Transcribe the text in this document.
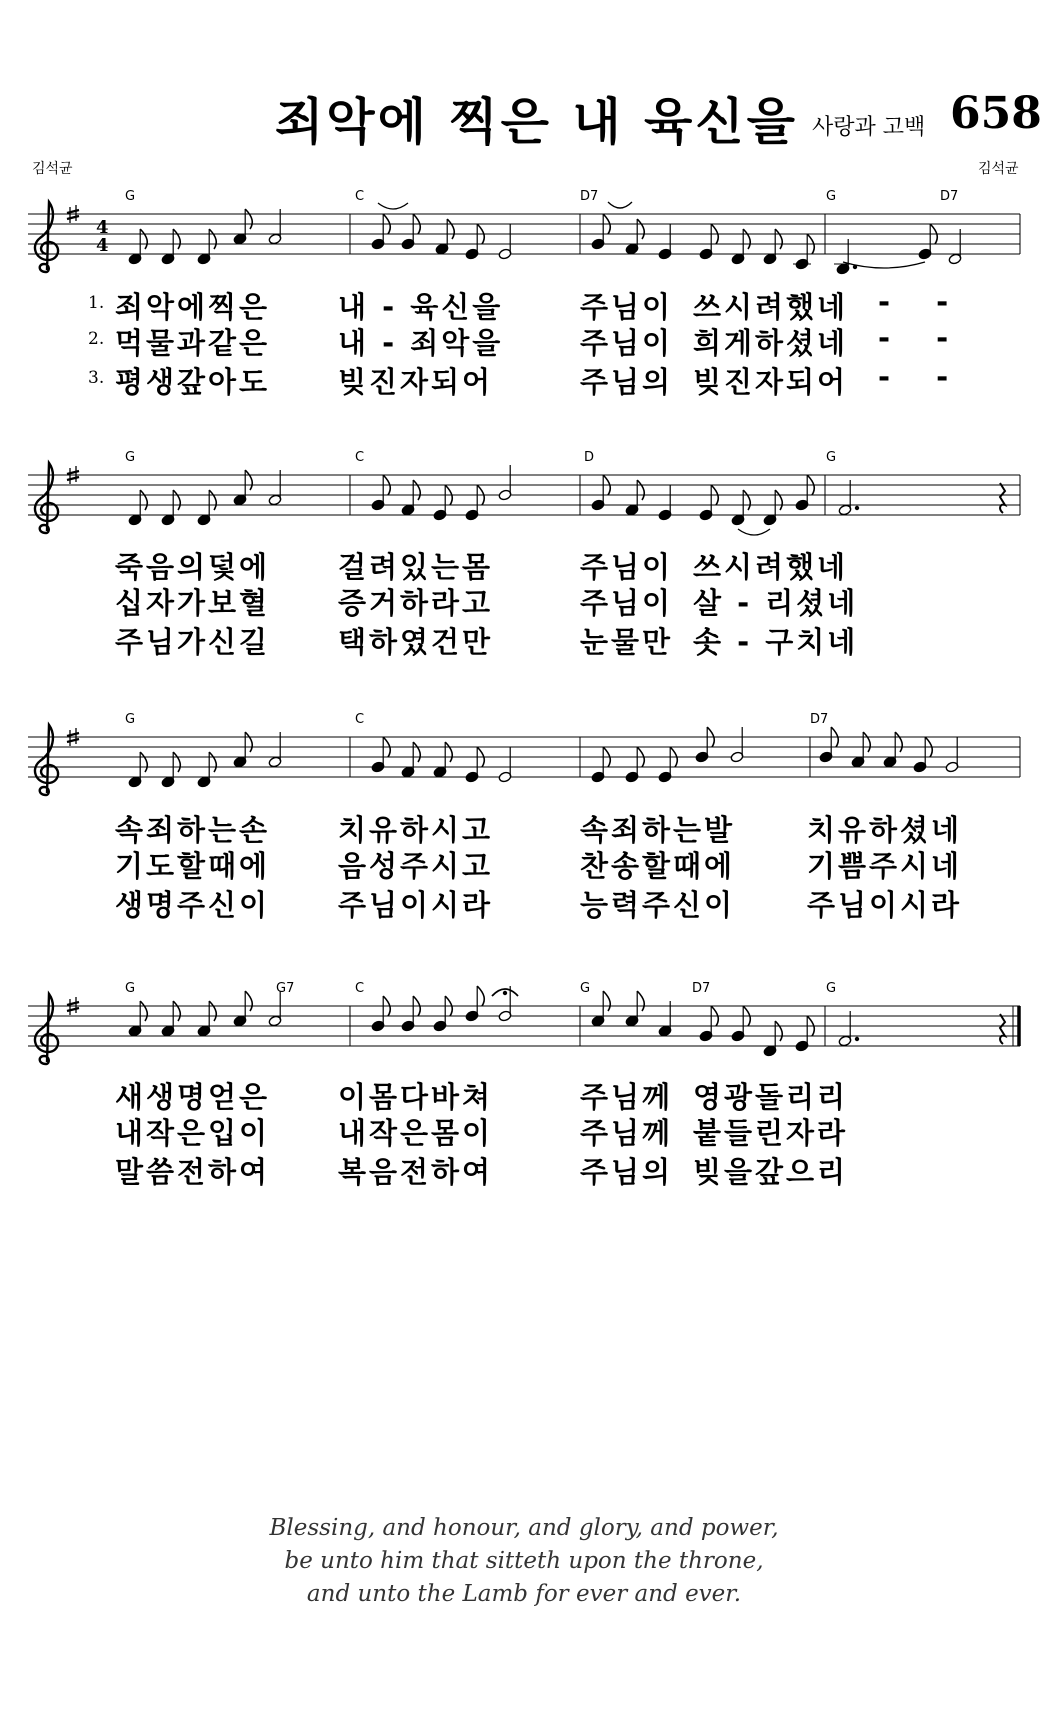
죄악에 찍은 내 육신을 사랑과 고백 658
김석균	김석균
4
4
G	C	D7	G	D7
G	C	D	G
G	C	D7
G	G7	C	G	D7	G
1. 죄악에찍은 내 - 육신을	주님이 쓰시려했네 - -
2. 먹물과같은 내 - 죄악을	주님이 희게하셨네 - -
3. 평생갚아도 빚진자되어	주님의 빚진자되어 - -
죽음의덫에 걸려있는몸	주님이 쓰시려했네
십자가보혈 증거하라고	주님이 살 - 리셨네
주님가신길 택하였건만	눈물만 솟 - 구치네
속죄하는손 치유하시고	속죄하는발 치유하셨네
기도할때에 음성주시고	찬송할때에 기쁨주시네
생명주신이 주님이시라	능력주신이 주님이시라
새생명얻은 이몸다바쳐	주님께 영광돌리리
내작은입이 내작은몸이	주님께 붙들린자라
말씀전하여 복음전하여	주님의 빚을갚으리
Blessing, and honour, and glory, and power,
be unto him that sitteth upon the throne,
and unto the Lamb for ever and ever.
